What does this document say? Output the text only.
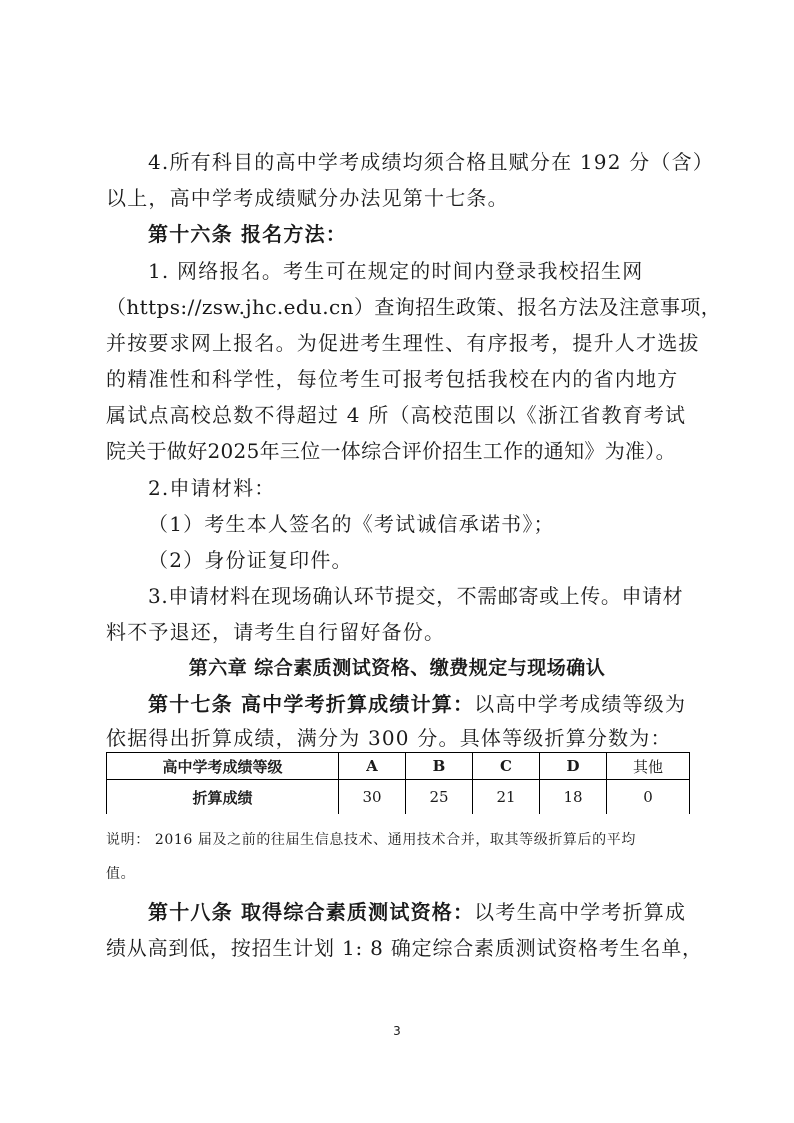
4.所有科目的高中学考成绩均须合格且赋分在 192 分（含）
以上，高中学考成绩赋分办法见第十七条。
第十六条 报名方法：
1. 网络报名。考生可在规定的时间内登录我校招生网
（https://zsw.jhc.edu.cn）查询招生政策、报名方法及注意事项，
并按要求网上报名。为促进考生理性、有序报考，提升人才选拔
的精准性和科学性，每位考生可报考包括我校在内的省内地方
属试点高校总数不得超过 4 所（高校范围以《浙江省教育考试
院关于做好2025年三位一体综合评价招生工作的通知》为准）。
2.申请材料：
（1）考生本人签名的《考试诚信承诺书》；
（2）身份证复印件。
3.申请材料在现场确认环节提交，不需邮寄或上传。申请材
料不予退还，请考生自行留好备份。
第六章 综合素质测试资格、缴费规定与现场确认
第十七条 高中学考折算成绩计算：以高中学考成绩等级为
依据得出折算成绩，满分为 300 分。具体等级折算分数为：
高中学考成绩等级	A	B	C	D	其他
折算成绩	30	25	21	18	0
说明： 2016 届及之前的往届生信息技术、通用技术合并，取其等级折算后的平均
值。
第十八条 取得综合素质测试资格：以考生高中学考折算成
绩从高到低，按招生计划 1: 8 确定综合素质测试资格考生名单，
3
